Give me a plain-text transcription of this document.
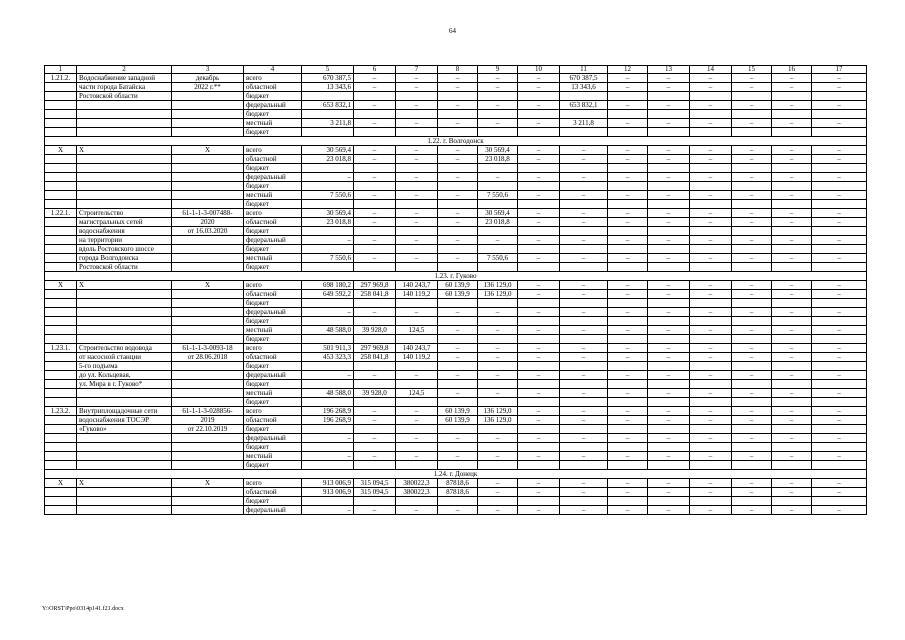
64
1	2	3	4	5	6	7	8	9	10	11	12	13	14	15	16	17
1.21.2.	Водоснабжение западной	декабрь	всего	670 387,5	–	–	–	–	–	670 387,5	–	–	–	–	–	–
	части города Батайска	2022 г.**	областной	13 343,6	–	–	–	–	–	13 343,6	–	–	–	–	–	–
	Ростовской области		бюджет													
			федеральный	653 832,1	–	–	–	–	–	653 832,1	–	–	–	–	–	–
			бюджет													
			местный	3 211,8	–	–	–	–	–	3 211,8	–	–	–	–	–	–
			бюджет													
1.22. г. Волгодонск																
Х	Х	Х	всего	30 569,4	–	–	–	30 569,4	–	–	–	–	–	–	–	–
			областной	23 018,8	–	–	–	23 018,8	–	–	–	–	–	–	–	–
			бюджет													
			федеральный	–	–	–	–	–	–	–	–	–	–	–	–	–
			бюджет													
			местный	7 550,6	–	–	–	7 550,6	–	–	–	–	–	–	–	–
			бюджет													
1.22.1.	Строительство	61-1-1-3-007488-	всего	30 569,4	–	–	–	30 569,4	–	–	–	–	–	–	–	–
	магистральных сетей	2020	областной	23 018,8	–	–	–	23 018,8	–	–	–	–	–	–	–	–
	водоснабжения	от 16.03.2020	бюджет													
	на территории		федеральный	–	–	–	–	–	–	–	–	–	–	–	–	–
	вдоль Ростовского шоссе		бюджет													
	города Волгодонска		местный	7 550,6	–	–	–	7 550,6	–	–	–	–	–	–	–	–
	Ростовской области		бюджет													
1.23. г. Гуково																
Х	Х	Х	всего	698 180,2	297 969,8	140 243,7	60 139,9	136 129,0	–	–	–	–	–	–	–	–
			областной	649 592,2	258 041,8	140 119,2	60 139,9	136 129,0	–	–	–	–	–	–	–	–
			бюджет													
			федеральный	–	–	–	–	–	–	–	–	–	–	–	–	–
			бюджет													
			местный	48 588,0	39 928,0	124,5	–	–	–	–	–	–	–	–	–	–
			бюджет													
1.23.1.	Строительство водовода	61-1-1-3-0093-18	всего	501 911,3	297 969,8	140 243,7	–	–	–	–	–	–	–	–	–	–
	от насосной станции	от 28.06.2018	областной	453 323,3	258 041,8	140 119,2	–	–	–	–	–	–	–	–	–	–
	5-го подъема		бюджет													
	до ул. Кольцевая,		федеральный	–	–	–	–	–	–	–	–	–	–	–	–	–
	ул. Мира в г. Гуково*		бюджет													
			местный	48 588,0	39 928,0	124,5	–	–	–	–	–	–	–	–	–	–
			бюджет													
1.23.2.	Внутриплощадочные сети	61-1-1-3-028856-	всего	196 268,9	–	–	60 139,9	136 129,0	–	–	–	–	–	–	–	–
	водоснабжения ТОСЭР	2019	областной	196 268,9	–	–	60 139,9	136 129,0	–	–	–	–	–	–	–	–
	«Гуково»	от 22.10.2019	бюджет													
			федеральный	–	–	–	–	–	–	–	–	–	–	–	–	–
			бюджет													
			местный	–	–	–	–	–	–	–	–	–	–	–	–	–
			бюджет													
1.24. г. Донецк																
Х	Х	Х	всего	913 006,9	315 094,5	380022,3	87818,6	–	–	–	–	–	–	–	–	–
			областной	913 006,9	315 094,5	380022,3	87818,6	–	–	–	–	–	–	–	–	–
			бюджет													
			федеральный	–	–	–	–	–	–	–	–	–	–	–	–	–
Y:\ORST\Ppo\0314p141.f21.docx
